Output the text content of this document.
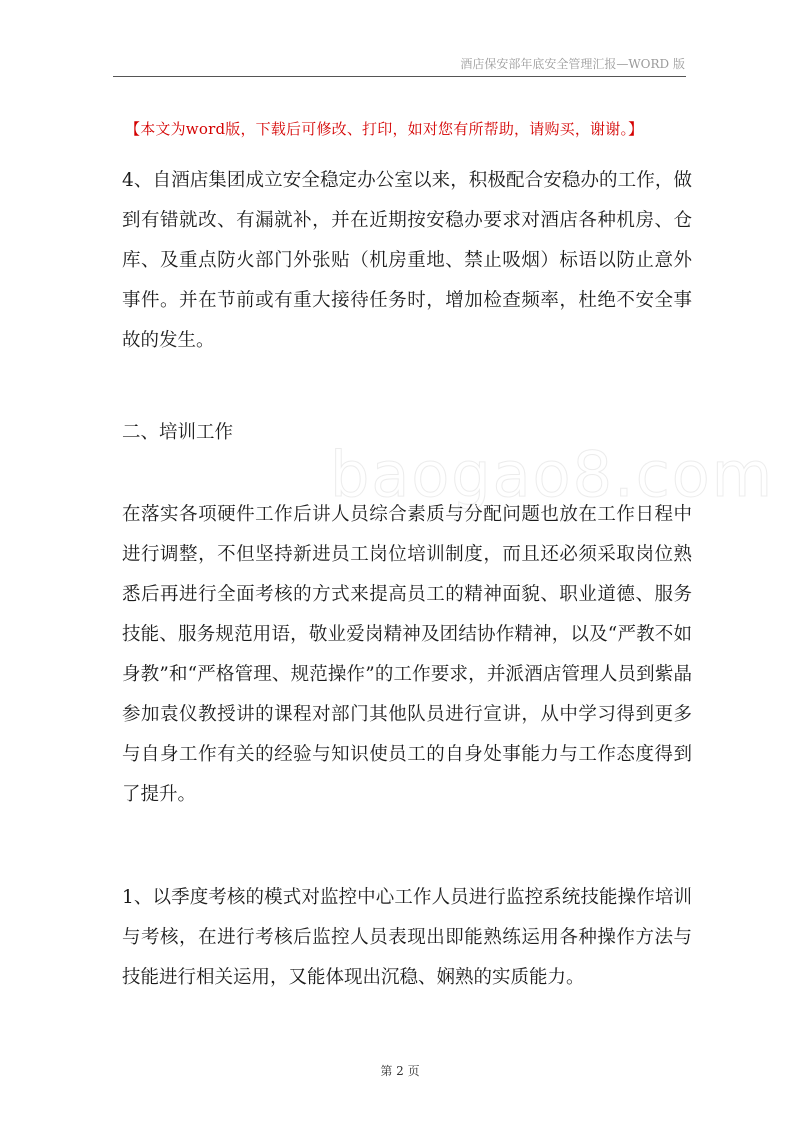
酒店保安部年底安全管理汇报—WORD 版
【本文为word版，下载后可修改、打印，如对您有所帮助，请购买，谢谢。】

4、自酒店集团成立安全稳定办公室以来，积极配合安稳办的工作，做到有错就改、有漏就补，并在近期按安稳办要求对酒店各种机房、仓库、及重点防火部门外张贴（机房重地、禁止吸烟）标语以防止意外事件。并在节前或有重大接待任务时，增加检查频率，杜绝不安全事故的发生。

二、培训工作

baogao8.com

在落实各项硬件工作后讲人员综合素质与分配问题也放在工作日程中进行调整，不但坚持新进员工岗位培训制度，而且还必须采取岗位熟悉后再进行全面考核的方式来提高员工的精神面貌、职业道德、服务技能、服务规范用语，敬业爱岗精神及团结协作精神，以及“严教不如身教”和“严格管理、规范操作”的工作要求，并派酒店管理人员到紫晶参加袁仪教授讲的课程对部门其他队员进行宣讲，从中学习得到更多与自身工作有关的经验与知识使员工的自身处事能力与工作态度得到了提升。

1、以季度考核的模式对监控中心工作人员进行监控系统技能操作培训与考核，在进行考核后监控人员表现出即能熟练运用各种操作方法与技能进行相关运用，又能体现出沉稳、娴熟的实质能力。

第 2 页
